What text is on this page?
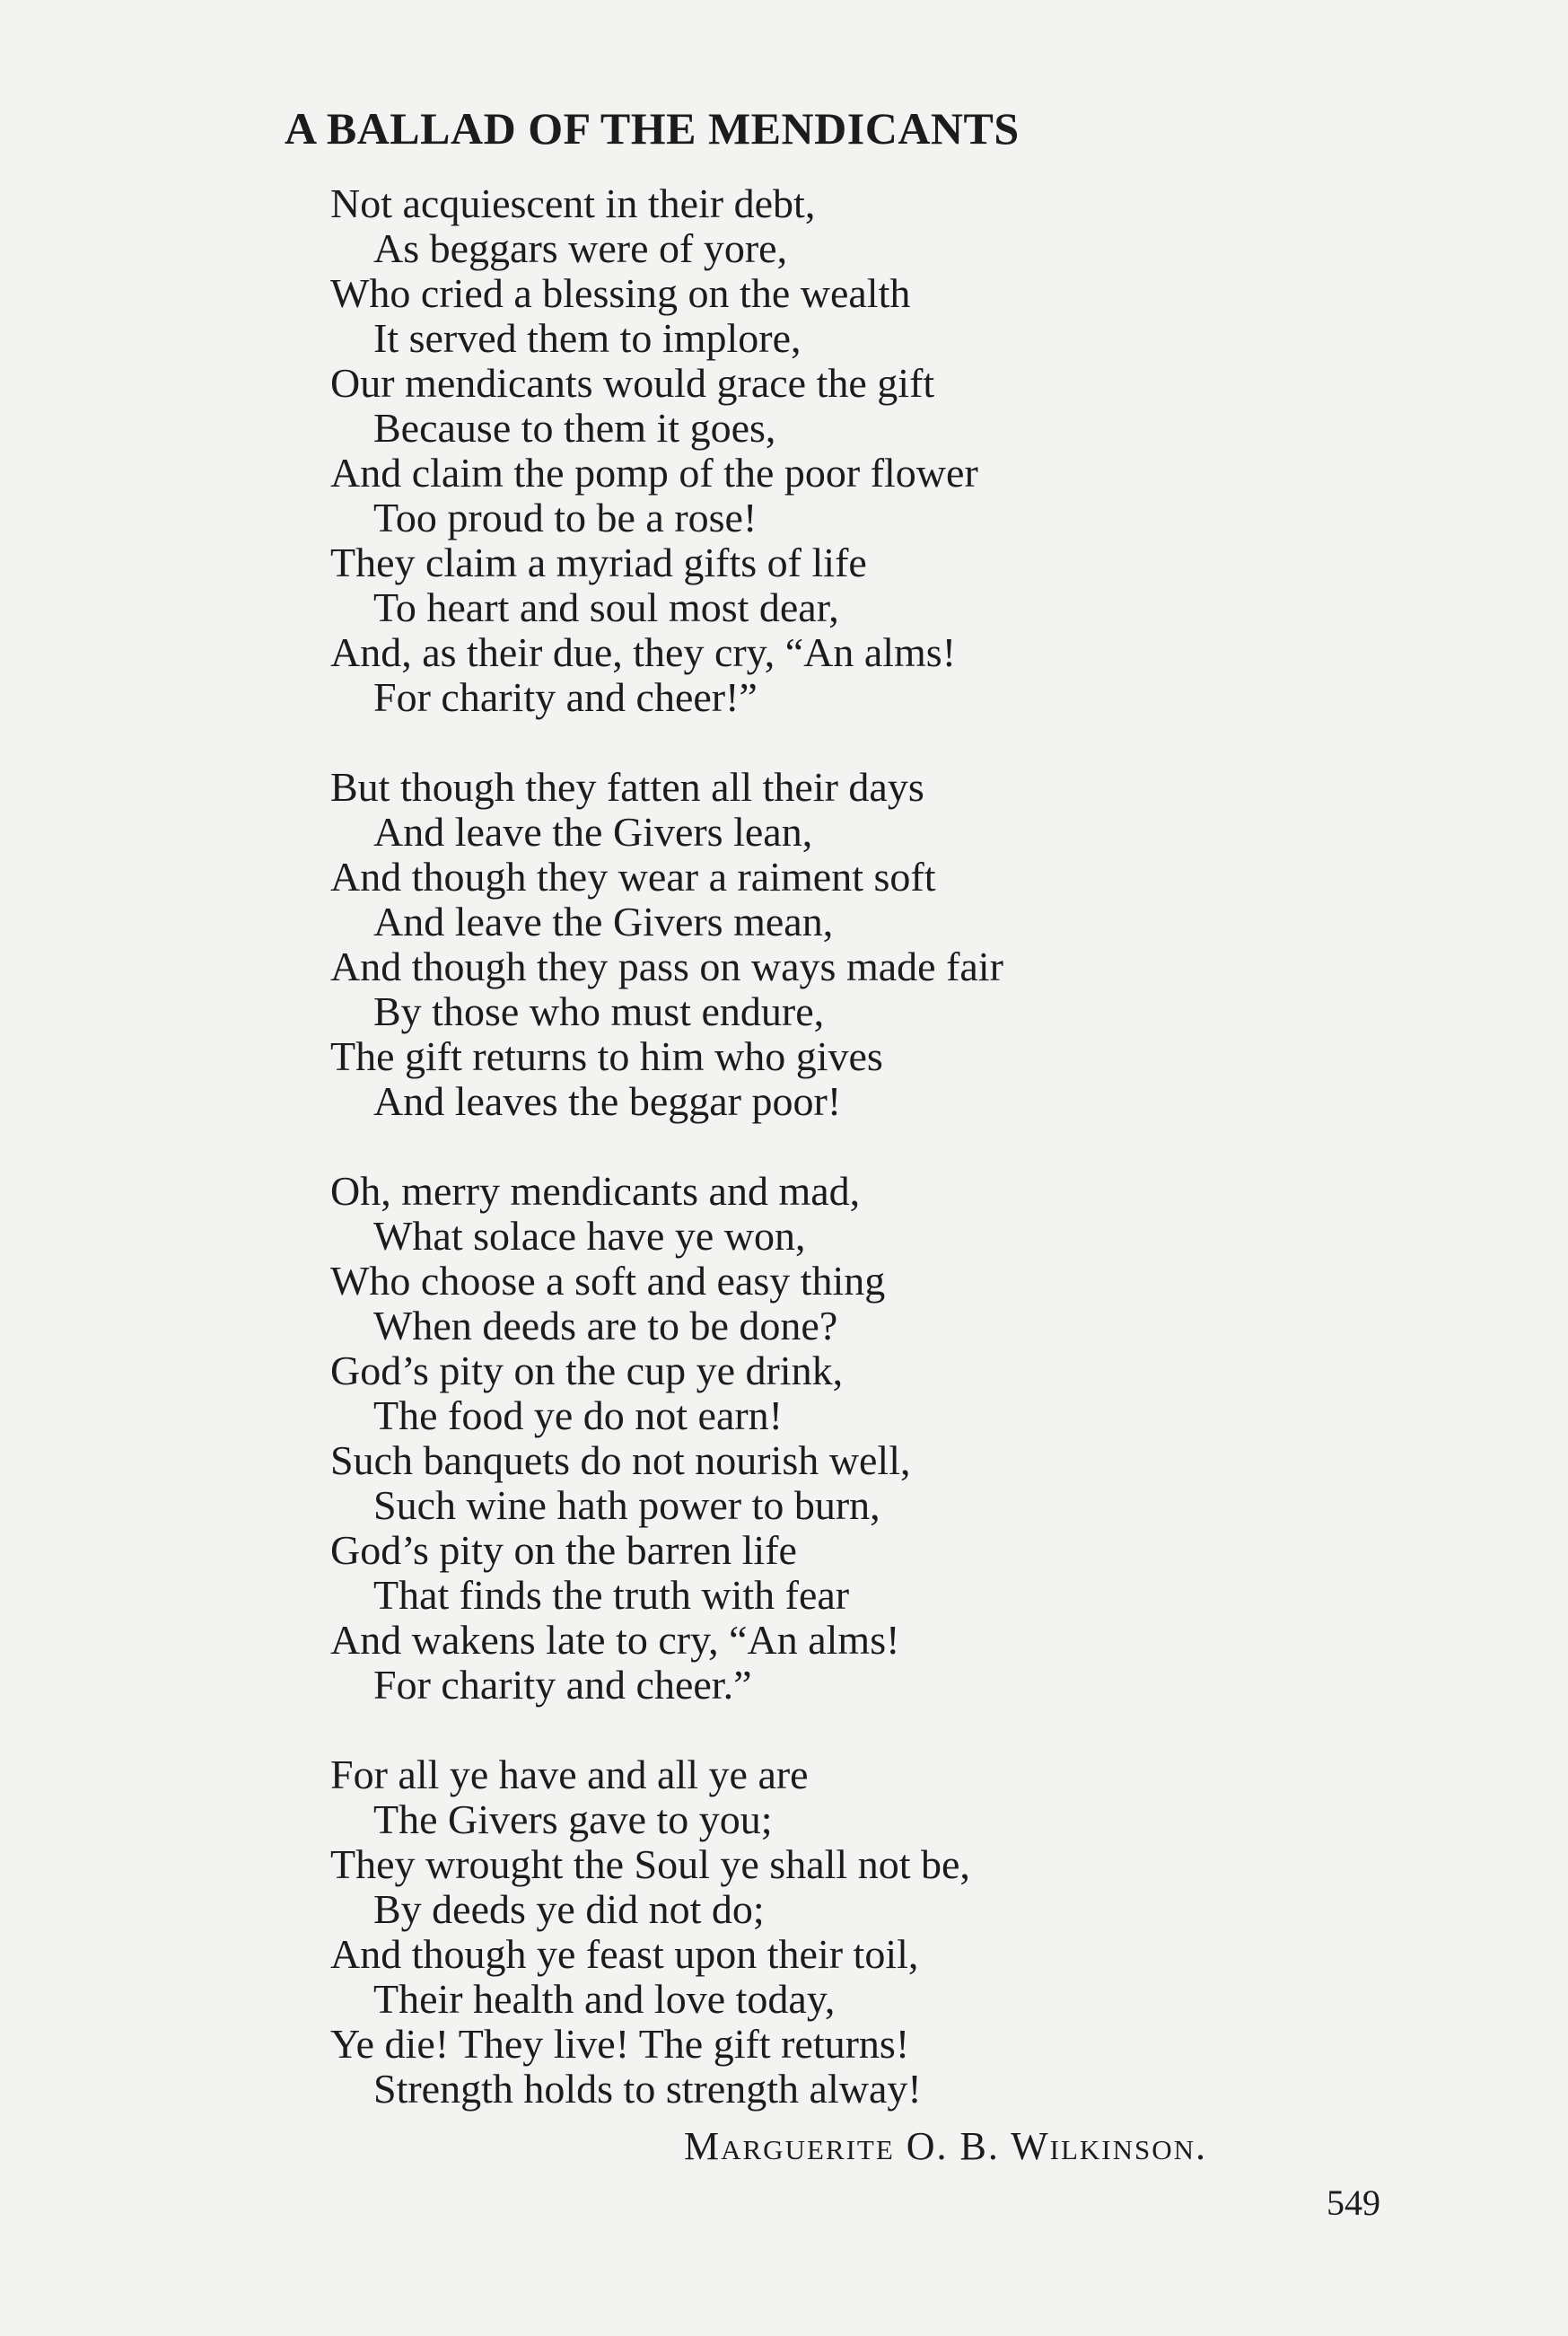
A BALLAD OF THE MENDICANTS
Not acquiescent in their debt,
As beggars were of yore,
Who cried a blessing on the wealth
It served them to implore,
Our mendicants would grace the gift
Because to them it goes,
And claim the pomp of the poor flower
Too proud to be a rose!
They claim a myriad gifts of life
To heart and soul most dear,
And, as their due, they cry, “An alms!
For charity and cheer!”
But though they fatten all their days
And leave the Givers lean,
And though they wear a raiment soft
And leave the Givers mean,
And though they pass on ways made fair
By those who must endure,
The gift returns to him who gives
And leaves the beggar poor!
Oh, merry mendicants and mad,
What solace have ye won,
Who choose a soft and easy thing
When deeds are to be done?
God’s pity on the cup ye drink,
The food ye do not earn!
Such banquets do not nourish well,
Such wine hath power to burn,
God’s pity on the barren life
That finds the truth with fear
And wakens late to cry, “An alms!
For charity and cheer.”
For all ye have and all ye are
The Givers gave to you;
They wrought the Soul ye shall not be,
By deeds ye did not do;
And though ye feast upon their toil,
Their health and love today,
Ye die! They live! The gift returns!
Strength holds to strength alway!
Marguerite O. B. Wilkinson.
549
